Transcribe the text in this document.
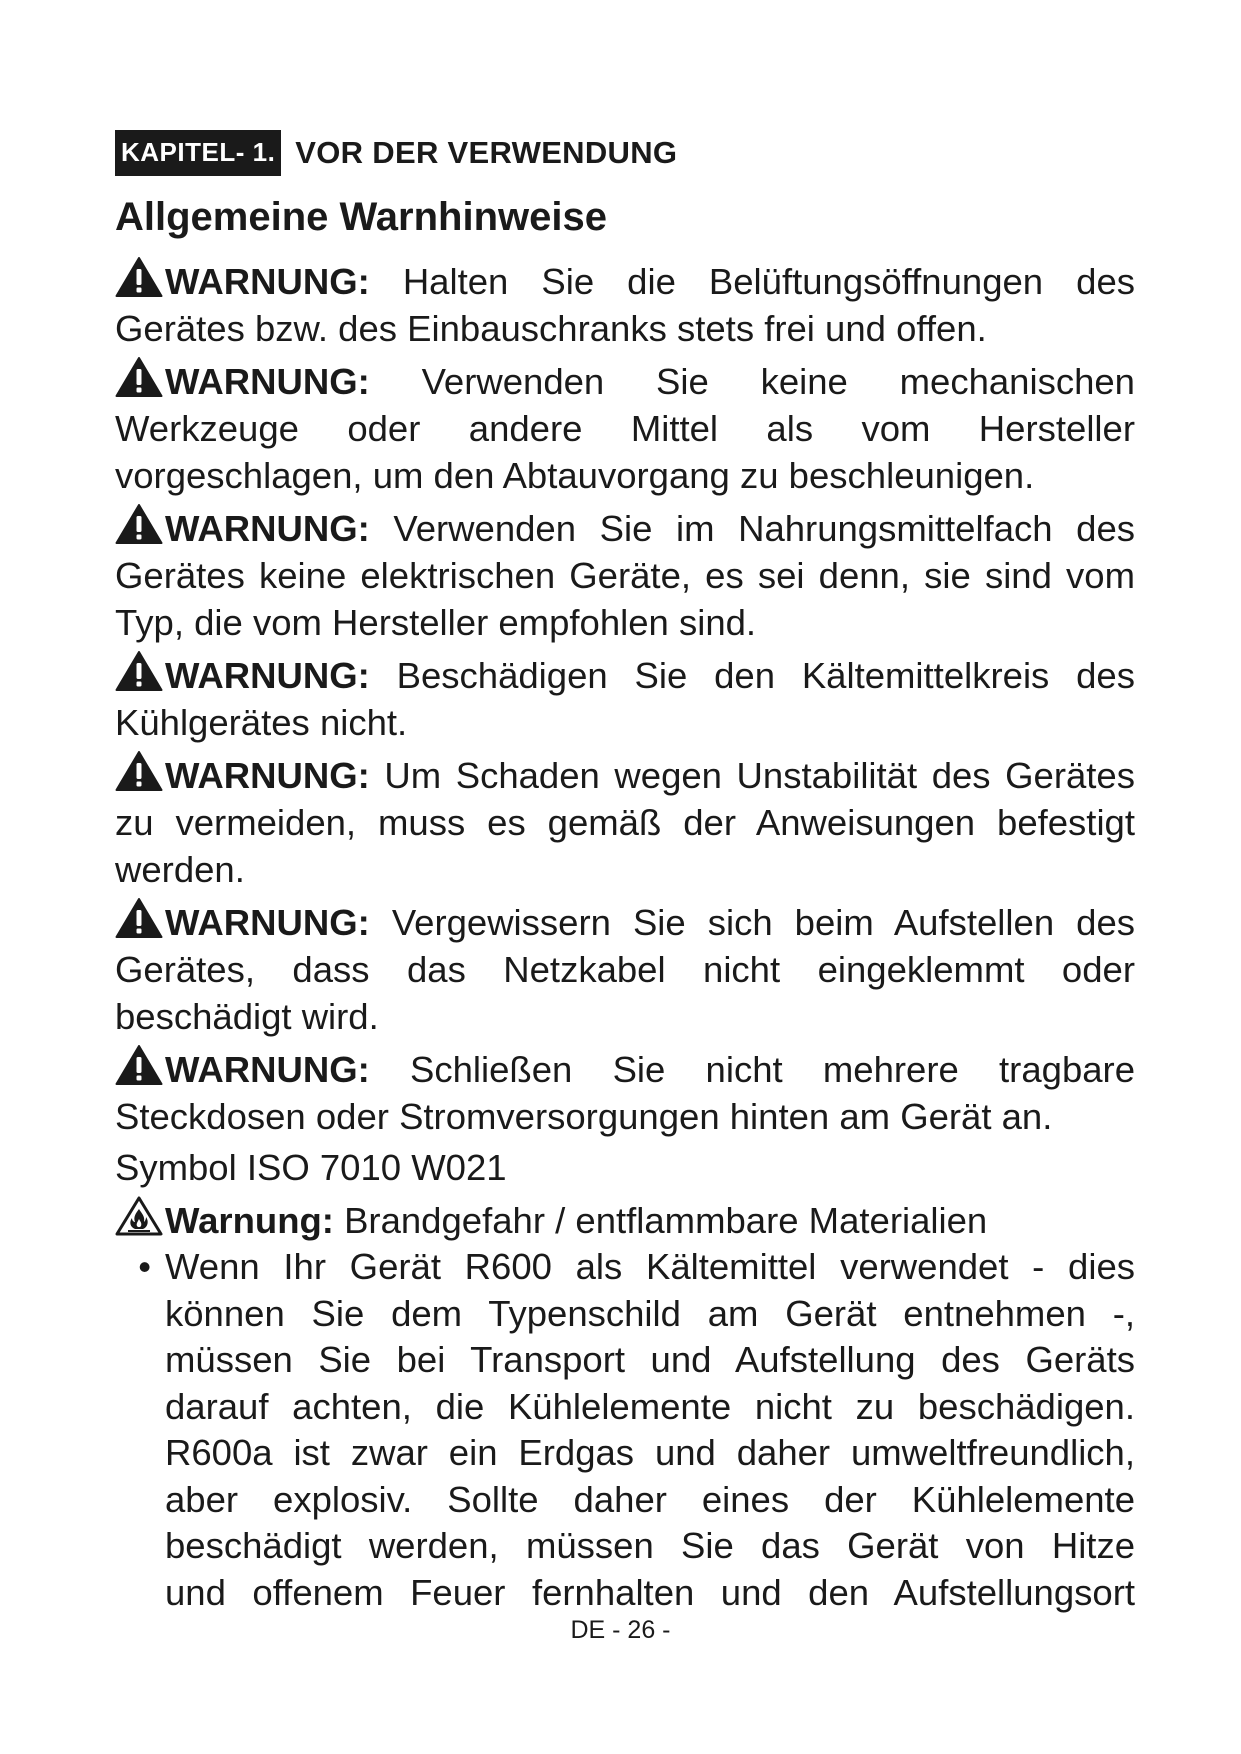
KAPITEL- 1. VOR DER VERWENDUNG
Allgemeine Warnhinweise
WARNUNG: Halten Sie die Belüftungsöffnungen des Gerätes bzw. des Einbauschranks stets frei und offen.
WARNUNG: Verwenden Sie keine mechanischen Werkzeuge oder andere Mittel als vom Hersteller vorgeschlagen, um den Abtauvorgang zu beschleunigen.
WARNUNG: Verwenden Sie im Nahrungsmittelfach des Gerätes keine elektrischen Geräte, es sei denn, sie sind vom Typ, die vom Hersteller empfohlen sind.
WARNUNG: Beschädigen Sie den Kältemittelkreis des Kühlgerätes nicht.
WARNUNG: Um Schaden wegen Unstabilität des Gerätes zu vermeiden, muss es gemäß der Anweisungen befestigt werden.
WARNUNG: Vergewissern Sie sich beim Aufstellen des Gerätes, dass das Netzkabel nicht eingeklemmt oder beschädigt wird.
WARNUNG: Schließen Sie nicht mehrere tragbare Steckdosen oder Stromversorgungen hinten am Gerät an.
Symbol ISO 7010 W021
Warnung: Brandgefahr / entflammbare Materialien
• Wenn Ihr Gerät R600 als Kältemittel verwendet - dies
können Sie dem Typenschild am Gerät entnehmen -,
müssen Sie bei Transport und Aufstellung des Geräts
darauf achten, die Kühlelemente nicht zu beschädigen.
R600a ist zwar ein Erdgas und daher umweltfreundlich,
aber explosiv. Sollte daher eines der Kühlelemente
beschädigt werden, müssen Sie das Gerät von Hitze
und offenem Feuer fernhalten und den Aufstellungsort
DE - 26 -
